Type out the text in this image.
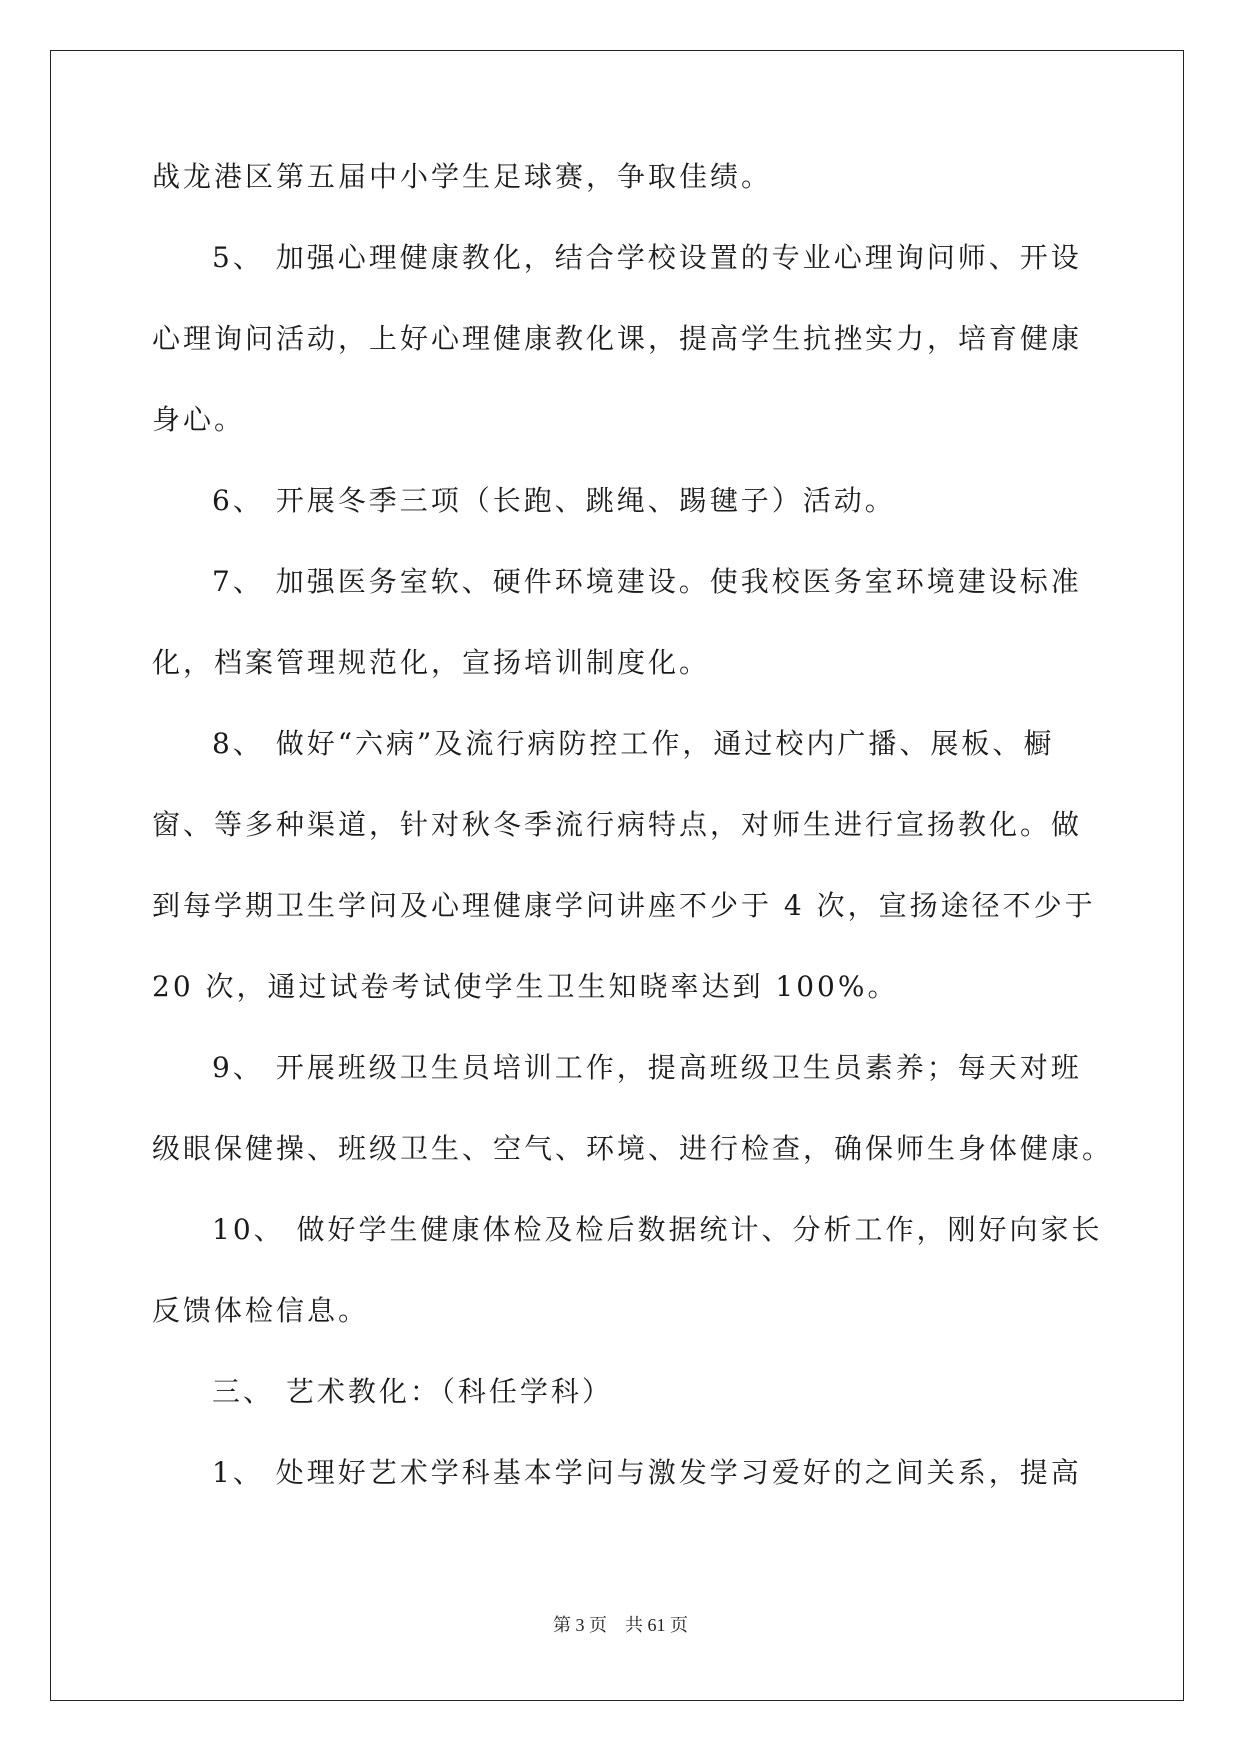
战龙港区第五届中小学生足球赛，争取佳绩。
5、 加强心理健康教化，结合学校设置的专业心理询问师、开设
心理询问活动，上好心理健康教化课，提高学生抗挫实力，培育健康
身心。
6、 开展冬季三项（长跑、跳绳、踢毽子）活动。
7、 加强医务室软、硬件环境建设。使我校医务室环境建设标准
化，档案管理规范化，宣扬培训制度化。
8、 做好“六病”及流行病防控工作，通过校内广播、展板、橱
窗、等多种渠道，针对秋冬季流行病特点，对师生进行宣扬教化。做
到每学期卫生学问及心理健康学问讲座不少于 4 次，宣扬途径不少于
20 次，通过试卷考试使学生卫生知晓率达到 100%。
9、 开展班级卫生员培训工作，提高班级卫生员素养；每天对班
级眼保健操、班级卫生、空气、环境、进行检查，确保师生身体健康。
10、 做好学生健康体检及检后数据统计、分析工作，刚好向家长
反馈体检信息。
三、 艺术教化：（科任学科）
1、 处理好艺术学科基本学问与激发学习爱好的之间关系，提高
第 3 页    共 61 页
